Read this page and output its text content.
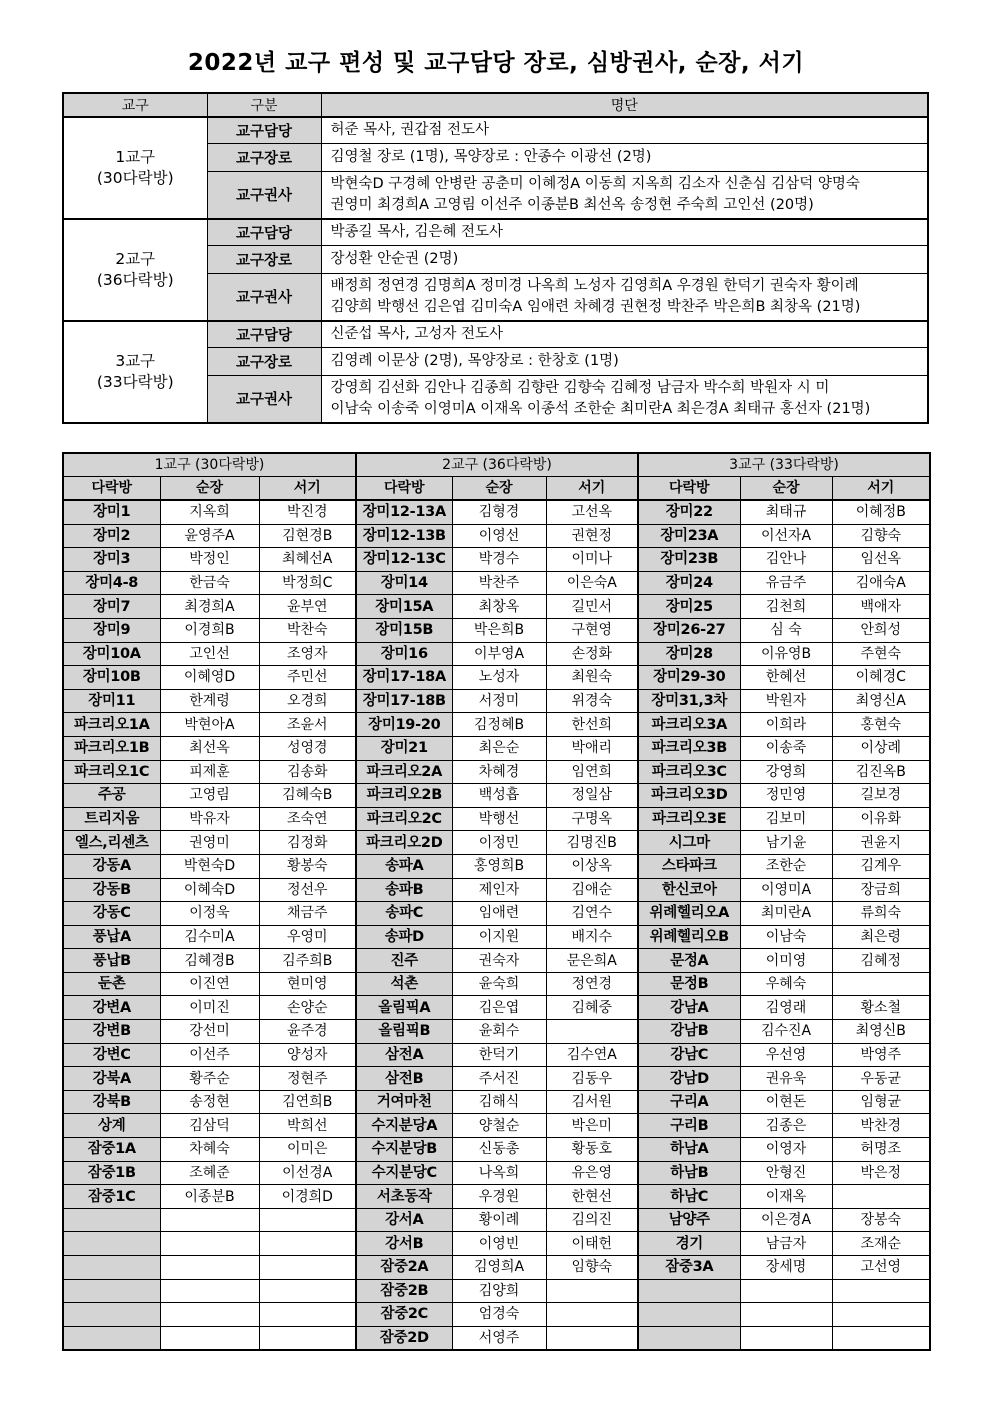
2022년 교구 편성 및 교구담당 장로, 심방권사, 순장, 서기
교구	구분	명단

1교구
(30다락방)	교구담당	허준 목사, 권갑점 전도사

	교구장로	김영철 장로 (1명), 목양장로 : 안종수 이광선 (2명)

	교구권사	박현숙D 구경혜 안병란 공춘미 이혜정A 이동희 지옥희 김소자 신춘심 김삼덕 양명숙
권영미 최경희A 고영림 이선주 이종분B 최선옥 송정현 주숙희 고인선 (20명)

2교구
(36다락방)	교구담당	박종길 목사, 김은혜 전도사

	교구장로	장성환 안순권 (2명)

	교구권사	배정희 정연경 김명희A 정미경 나옥희 노성자 김영희A 우경원 한덕기 권숙자 황이례
김양희 박행선 김은엽 김미숙A 임애련 차혜경 권현정 박찬주 박은희B 최창옥 (21명)

3교구
(33다락방)	교구담당	신준섭 목사, 고성자 전도사

	교구장로	김영례 이문상 (2명), 목양장로 : 한창호 (1명)

	교구권사	강영희 김선화 김안나 김종희 김향란 김향숙 김혜정 남금자 박수희 박원자 시 미
이남숙 이송죽 이영미A 이재옥 이종석 조한순 최미란A 최은경A 최태규 홍선자 (21명)
1교구 (30다락방)			2교구 (36다락방)			3교구 (33다락방)		
다락방	순장	서기	다락방	순장	서기	다락방	순장	서기
장미1	지옥희	박진경	장미12-13A	김형경	고선옥	장미22	최태규	이혜정B
장미2	윤영주A	김현경B	장미12-13B	이영선	권현정	장미23A	이선자A	김향숙
장미3	박정인	최혜선A	장미12-13C	박경수	이미나	장미23B	김안나	임선옥
장미4-8	한금숙	박정희C	장미14	박찬주	이은숙A	장미24	유금주	김애숙A
장미7	최경희A	윤부연	장미15A	최창옥	길민서	장미25	김천희	백애자
장미9	이경희B	박찬숙	장미15B	박은희B	구현영	장미26-27	심 숙	안희성
장미10A	고인선	조영자	장미16	이부영A	손정화	장미28	이유영B	주현숙
장미10B	이혜영D	주민선	장미17-18A	노성자	최원숙	장미29-30	한혜선	이혜경C
장미11	한계령	오경희	장미17-18B	서정미	위경숙	장미31,3차	박원자	최영신A
파크리오1A	박현아A	조윤서	장미19-20	김정혜B	한선희	파크리오3A	이희라	홍현숙
파크리오1B	최선옥	성영경	장미21	최은순	박애리	파크리오3B	이송죽	이상례
파크리오1C	피제훈	김송화	파크리오2A	차혜경	임연희	파크리오3C	강영희	김진옥B
주공	고영림	김혜숙B	파크리오2B	백성흡	정일삼	파크리오3D	정민영	길보경
트리지움	박유자	조숙연	파크리오2C	박행선	구명옥	파크리오3E	김보미	이유화
엘스,리센츠	권영미	김정화	파크리오2D	이정민	김명진B	시그마	남기윤	권윤지
강동A	박현숙D	황봉숙	송파A	홍영희B	이상옥	스타파크	조한순	김계우
강동B	이혜숙D	정선우	송파B	제인자	김애순	한신코아	이영미A	장금희
강동C	이정욱	채금주	송파C	임애련	김연수	위례헬리오A	최미란A	류희숙
풍납A	김수미A	우영미	송파D	이지원	배지수	위례헬리오B	이남숙	최은령
풍납B	김혜경B	김주희B	진주	권숙자	문은희A	문정A	이미영	김혜정
둔촌	이진연	현미영	석촌	윤숙희	정연경	문정B	우혜숙	
강변A	이미진	손양순	올림픽A	김은엽	김혜중	강남A	김영래	황소철
강변B	강선미	윤주경	올림픽B	윤회수		강남B	김수진A	최영신B
강변C	이선주	양성자	삼전A	한덕기	김수연A	강남C	우선영	박영주
강북A	황주순	정현주	삼전B	주서진	김동우	강남D	권유욱	우동균
강북B	송정현	김연희B	거여마천	김해식	김서원	구리A	이현돈	임형균
상계	김삼덕	박희선	수지분당A	양철순	박은미	구리B	김종은	박찬경
잠중1A	차혜숙	이미은	수지분당B	신동총	황동호	하남A	이영자	허명조
잠중1B	조혜준	이선경A	수지분당C	나옥희	유은영	하남B	안형진	박은정
잠중1C	이종분B	이경희D	서초동작	우경원	한현선	하남C	이재옥	
			강서A	황이례	김의진	남양주	이은경A	장봉숙
			강서B	이영빈	이태헌	경기	남금자	조재순
			잠중2A	김영희A	임향숙	잠중3A	장세명	고선영
			잠중2B	김양희				
			잠중2C	엄경숙				
			잠중2D	서영주				
